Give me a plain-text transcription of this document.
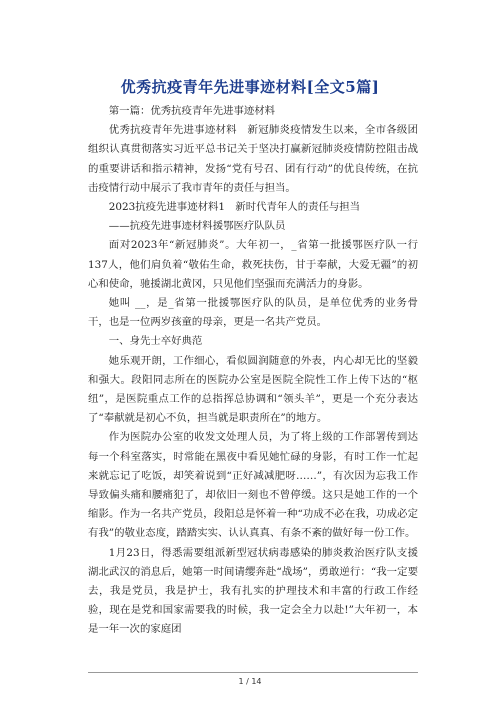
优秀抗疫青年先进事迹材料[全文5篇]

第一篇：优秀抗疫青年先进事迹材料

优秀抗疫青年先进事迹材料　新冠肺炎疫情发生以来，全市各级团组织认真贯彻落实习近平总书记关于坚决打赢新冠肺炎疫情防控阻击战的重要讲话和指示精神，发扬“党有号召、团有行动”的优良传统，在抗击疫情行动中展示了我市青年的责任与担当。

2023抗疫先进事迹材料1　新时代青年人的责任与担当

——抗疫先进事迹材料援鄂医疗队队员

面对2023年“新冠肺炎”。大年初一，_省第一批援鄂医疗队一行137人，他们肩负着“敬佑生命，救死扶伤，甘于奉献，大爱无疆”的初心和使命，驰援湖北黄冈，只见他们坚强而充满活力的身影。

她叫 __，是_省第一批援鄂医疗队的队员，是单位优秀的业务骨干，也是一位两岁孩童的母亲，更是一名共产党员。

一、身先士卒好典范

她乐观开朗，工作细心，看似圆润随意的外表，内心却无比的坚毅和强大。段阳同志所在的医院办公室是医院全院性工作上传下达的“枢纽”，是医院重点工作的总指挥总协调和“领头羊”，更是一个充分表达了“奉献就是初心不负，担当就是职责所在”的地方。

作为医院办公室的收发文处理人员，为了将上级的工作部署传到达每一个科室落实，时常能在黑夜中看见她忙碌的身影，有时工作一忙起来就忘记了吃饭，却笑着说到“正好减减肥呀……”，有次因为忘我工作导致偏头痛和腰痛犯了，却依旧一刻也不曾停缓。这只是她工作的一个缩影。作为一名共产党员，段阳总是怀着一种“功成不必在我，功成必定有我”的敬业态度，踏踏实实、认认真真、有条不紊的做好每一份工作。

1月23日，得悉需要组派新型冠状病毒感染的肺炎救治医疗队支援湖北武汉的消息后，她第一时间请缨奔赴“战场”，勇敢逆行：“我一定要去，我是党员，我是护士，我有扎实的护理技术和丰富的行政工作经验，现在是党和国家需要我的时候，我一定会全力以赴!”大年初一，本是一年一次的家庭团

1 / 14
